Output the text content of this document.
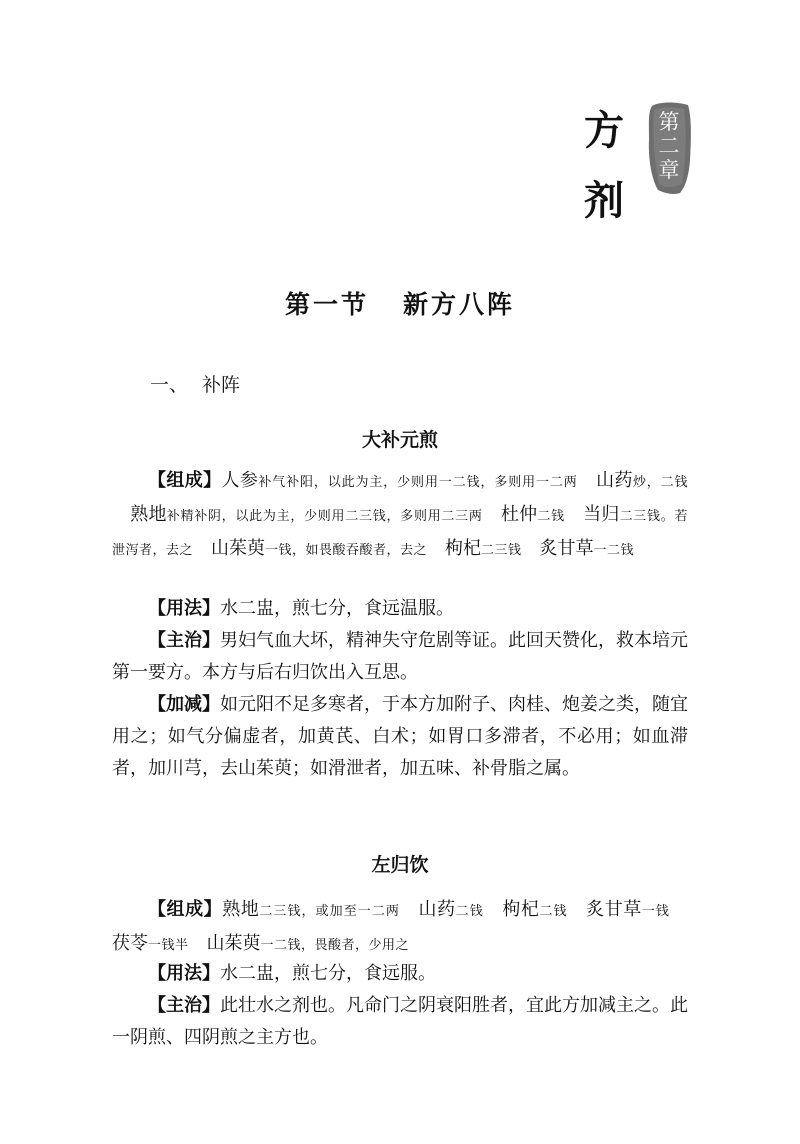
方
剂
第
二
章
第一节 新方八阵
一、 补阵
大补元煎
【组成】人参补气补阳，以此为主，少则用一二钱，多则用一二两 山药炒，二钱熟地补精补阴，以此为主，少则用二三钱，多则用二三两 杜仲二钱 当归二三钱。若泄泻者，去之 山茱萸一钱，如畏酸吞酸者，去之 枸杞二三钱 炙甘草一二钱
【用法】水二盅，煎七分，食远温服。
【主治】男妇气血大坏，精神失守危剧等证。此回天赞化，救本培元第一要方。本方与后右归饮出入互思。
【加减】如元阳不足多寒者，于本方加附子、肉桂、炮姜之类，随宜用之；如气分偏虚者，加黄芪、白术；如胃口多滞者，不必用；如血滞者，加川芎，去山茱萸；如滑泄者，加五味、补骨脂之属。
左归饮
【组成】熟地二三钱，或加至一二两 山药二钱 枸杞二钱 炙甘草一钱茯苓一钱半 山茱萸一二钱，畏酸者，少用之
【用法】水二盅，煎七分，食远服。
【主治】此壮水之剂也。凡命门之阴衰阳胜者，宜此方加减主之。此一阴煎、四阴煎之主方也。
